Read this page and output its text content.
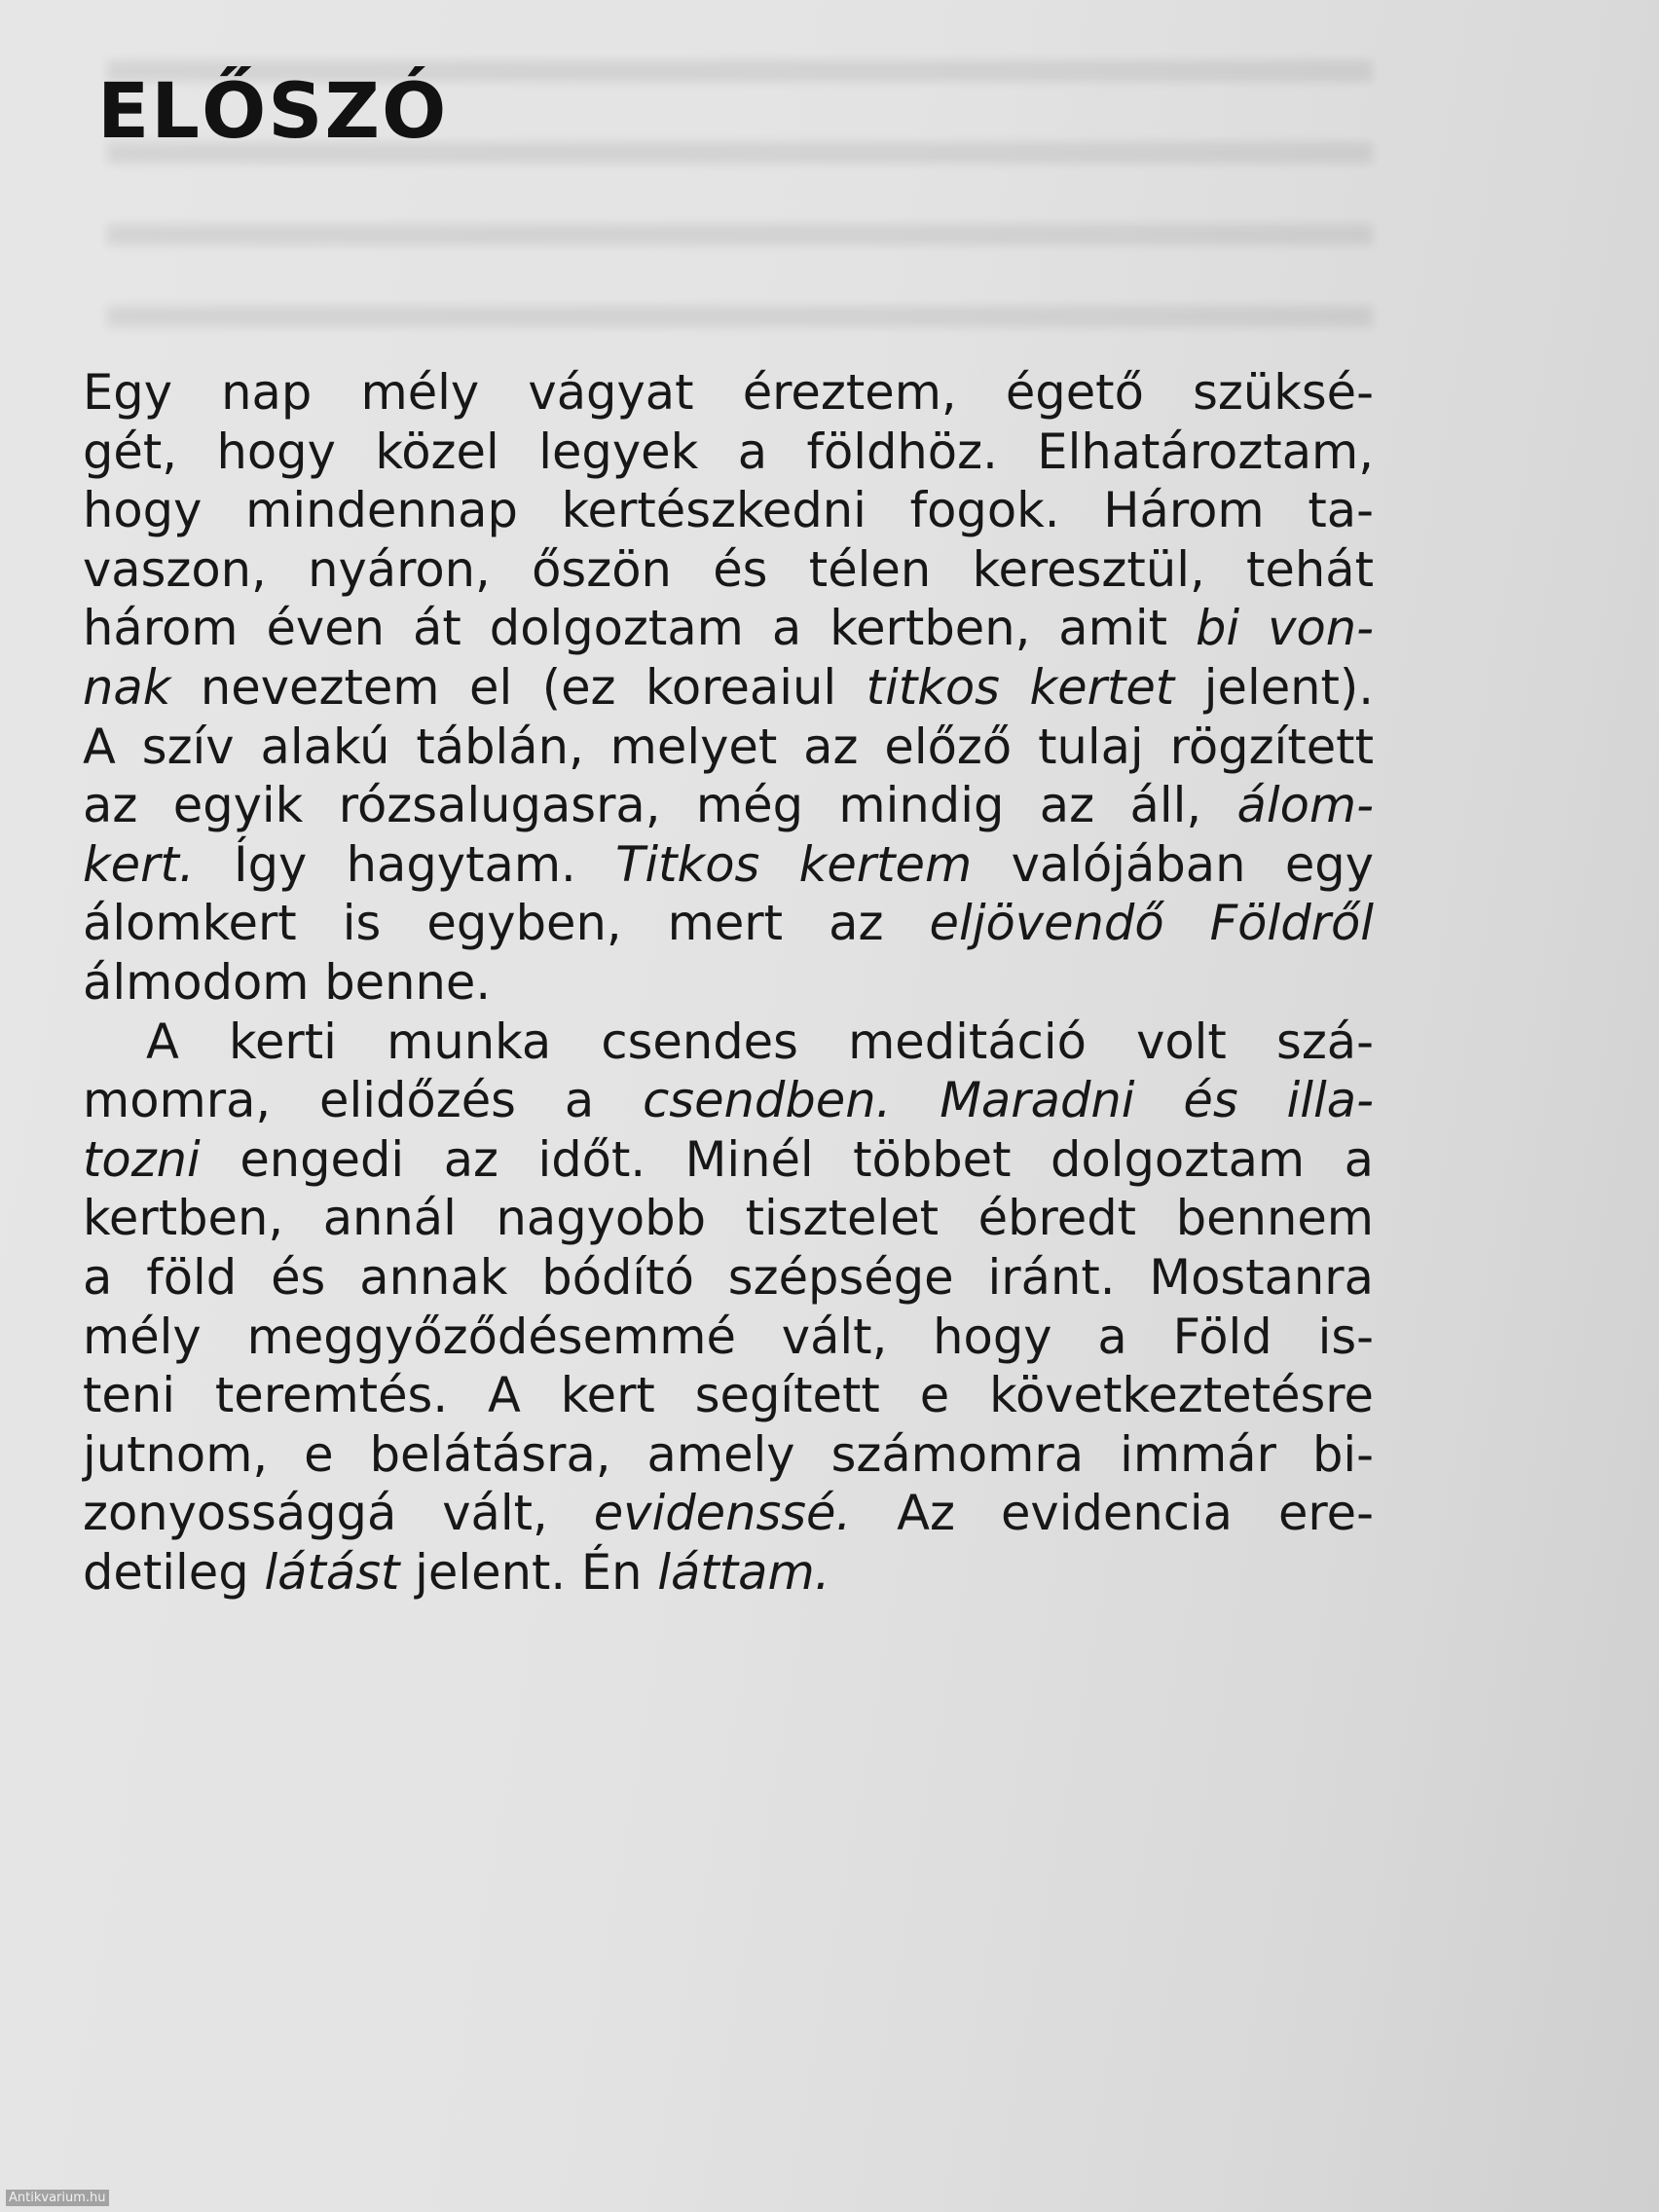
ELŐSZÓ
Egy nap mély vágyat éreztem, égető szüksé-
gét, hogy közel legyek a földhöz. Elhatároztam,
hogy mindennap kertészkedni fogok. Három ta-
vaszon, nyáron, őszön és télen keresztül, tehát
három éven át dolgoztam a kertben, amit bi von-
nak neveztem el (ez koreaiul titkos kertet jelent).
A szív alakú táblán, melyet az előző tulaj rögzített
az egyik rózsalugasra, még mindig az áll, álom-
kert. Így hagytam. Titkos kertem valójában egy
álomkert is egyben, mert az eljövendő Földről
álmodom benne.
A kerti munka csendes meditáció volt szá-
momra, elidőzés a csendben. Maradni és illa-
tozni engedi az időt. Minél többet dolgoztam a
kertben, annál nagyobb tisztelet ébredt bennem
a föld és annak bódító szépsége iránt. Mostanra
mély meggyőződésemmé vált, hogy a Föld is-
teni teremtés. A kert segített e következtetésre
jutnom, e belátásra, amely számomra immár bi-
zonyossággá vált, evidenssé. Az evidencia ere-
detileg látást jelent. Én láttam.
Antikvarium.hu
